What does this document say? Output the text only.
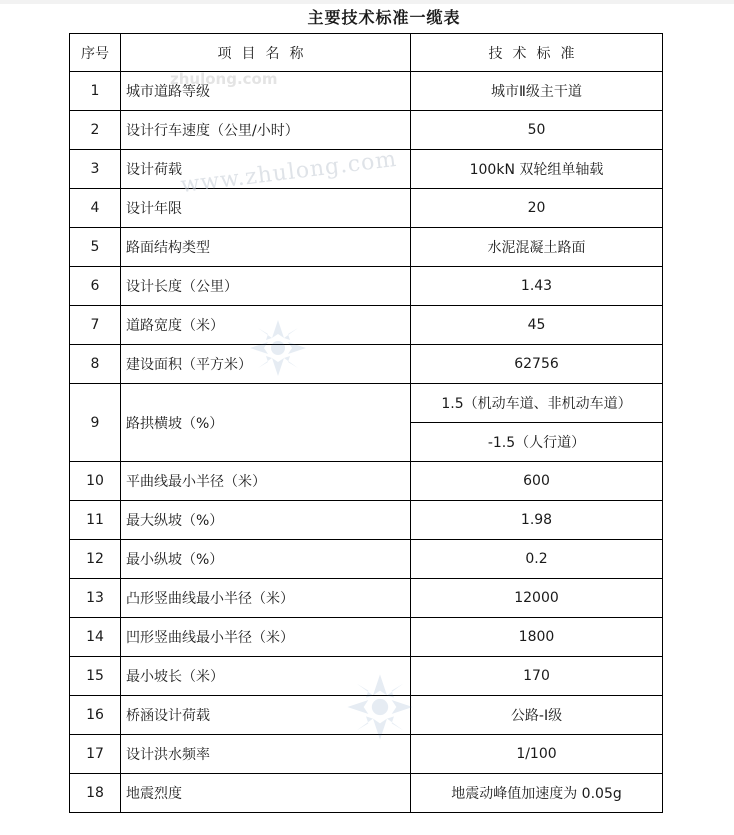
主要技术标准一缆表
序号	项目名称	技术标准
1	城市道路等级	城市Ⅱ级主干道
2	设计行车速度（公里/小时）	50
3	设计荷载	100kN 双轮组单轴载
4	设计年限	20
5	路面结构类型	水泥混凝土路面
6	设计长度（公里）	1.43
7	道路宽度（米）	45
8	建设面积（平方米）	62756
9	路拱横坡（%）	1.5（机动车道、非机动车道）
		-1.5（人行道）
10	平曲线最小半径（米）	600
11	最大纵坡（%）	1.98
12	最小纵坡（%）	0.2
13	凸形竖曲线最小半径（米）	12000
14	凹形竖曲线最小半径（米）	1800
15	最小坡长（米）	170
16	桥涵设计荷载	公路-Ⅰ级
17	设计洪水频率	1/100
18	地震烈度	地震动峰值加速度为 0.05g
zhulong.com
www.zhulong.com
